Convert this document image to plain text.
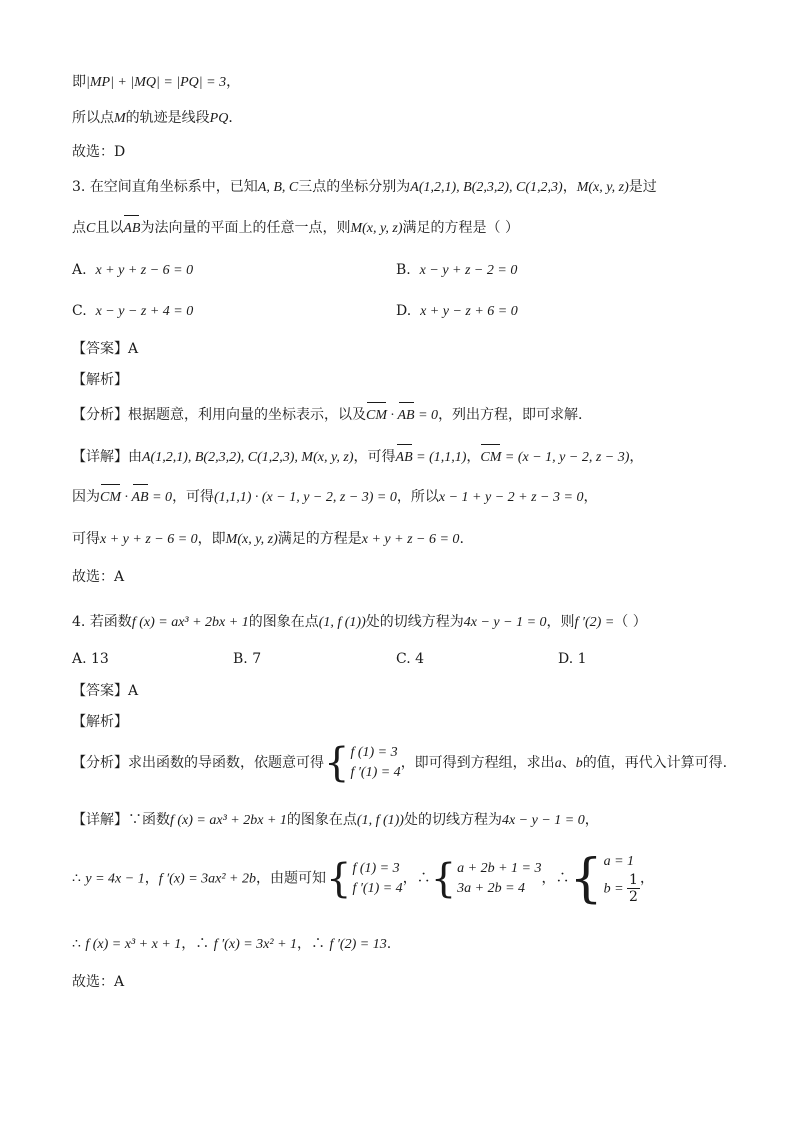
即|MP| + |MQ| = |PQ| = 3，
所以点M的轨迹是线段PQ．
故选：D
3. 在空间直角坐标系中，已知A, B, C三点的坐标分别为A(1,2,1), B(2,3,2), C(1,2,3)，M(x, y, z)是过
点C且以AB为法向量的平面上的任意一点，则M(x, y, z)满足的方程是（ ）
A. x + y + z − 6 = 0	B. x − y + z − 2 = 0
C. x − y − z + 4 = 0	D. x + y − z + 6 = 0
【答案】A
【解析】
【分析】根据题意，利用向量的坐标表示，以及CM · AB = 0，列出方程，即可求解.
【详解】由A(1,2,1), B(2,3,2), C(1,2,3), M(x, y, z)，可得AB = (1,1,1)，CM = (x − 1, y − 2, z − 3)，
因为CM · AB = 0，可得(1,1,1) · (x − 1, y − 2, z − 3) = 0，所以x − 1 + y − 2 + z − 3 = 0，
可得x + y + z − 6 = 0，即M(x, y, z)满足的方程是x + y + z − 6 = 0.
故选：A
4. 若函数f (x) = ax³ + 2bx + 1的图象在点(1, f (1))处的切线方程为4x − y − 1 = 0，则f ′(2) =（ ）
A. 13	B. 7	C. 4	D. 1
【答案】A
【解析】
【分析】求出函数的导函数，依题意可得 { f (1) = 3
f ′(1) = 4
，即可得到方程组，求出a、b的值，再代入计算可得.
【详解】∵函数f (x) = ax³ + 2bx + 1的图象在点(1, f (1))处的切线方程为4x − y − 1 = 0，
∴ y = 4x − 1，f ′(x) = 3ax² + 2b，由题可知 { f (1) = 3
f ′(1) = 4
，∴ { a + 2b + 1 = 3
3a + 2b = 4
，∴ { a = 1
$b = \frac{1}{2}$ ，
∴ f (x) = x³ + x + 1，∴ f ′(x) = 3x² + 1，∴ f ′(2) = 13.
故选：A
